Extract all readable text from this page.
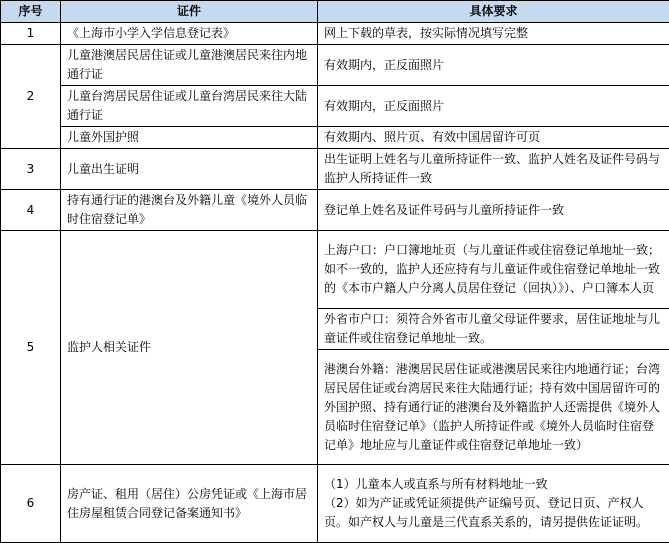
序号	证件	具体要求
1	《上海市小学入学信息登记表》	网上下载的草表，按实际情况填写完整
2	儿童港澳居民居住证或儿童港澳居民来往内地通行证	有效期内，正反面照片
	儿童台湾居民居住证或儿童台湾居民来往大陆通行证	有效期内，正反面照片
	儿童外国护照	有效期内、照片页、有效中国居留许可页
3	儿童出生证明	出生证明上姓名与儿童所持证件一致、监护人姓名及证件号码与监护人所持证件一致
4	持有通行证的港澳台及外籍儿童《境外人员临时住宿登记单》	登记单上姓名及证件号码与儿童所持证件一致
5	监护人相关证件	上海户口：户口簿地址页（与儿童证件或住宿登记单地址一致；如不一致的，监护人还应持有与儿童证件或住宿登记单地址一致的《本市户籍人户分离人员居住登记（回执）》）、户口簿本人页
		外省市户口：须符合外省市儿童父母证件要求，居住证地址与儿童证件或住宿登记单地址一致。
		港澳台外籍：港澳居民居住证或港澳居民来往内地通行证；台湾居民居住证或台湾居民来往大陆通行证；持有效中国居留许可的外国护照、持有通行证的港澳台及外籍监护人还需提供《境外人员临时住宿登记单》（监护人所持证件或《境外人员临时住宿登记单》地址应与儿童证件或住宿登记单地址一致）
6	房产证、租用（居住）公房凭证或《上海市居住房屋租赁合同登记备案通知书》	（1）儿童本人或直系与所有材料地址一致
（2）如为产证或凭证须提供产证编号页、登记日页、产权人页。如产权人与儿童是三代直系关系的，请另提供佐证证明。
